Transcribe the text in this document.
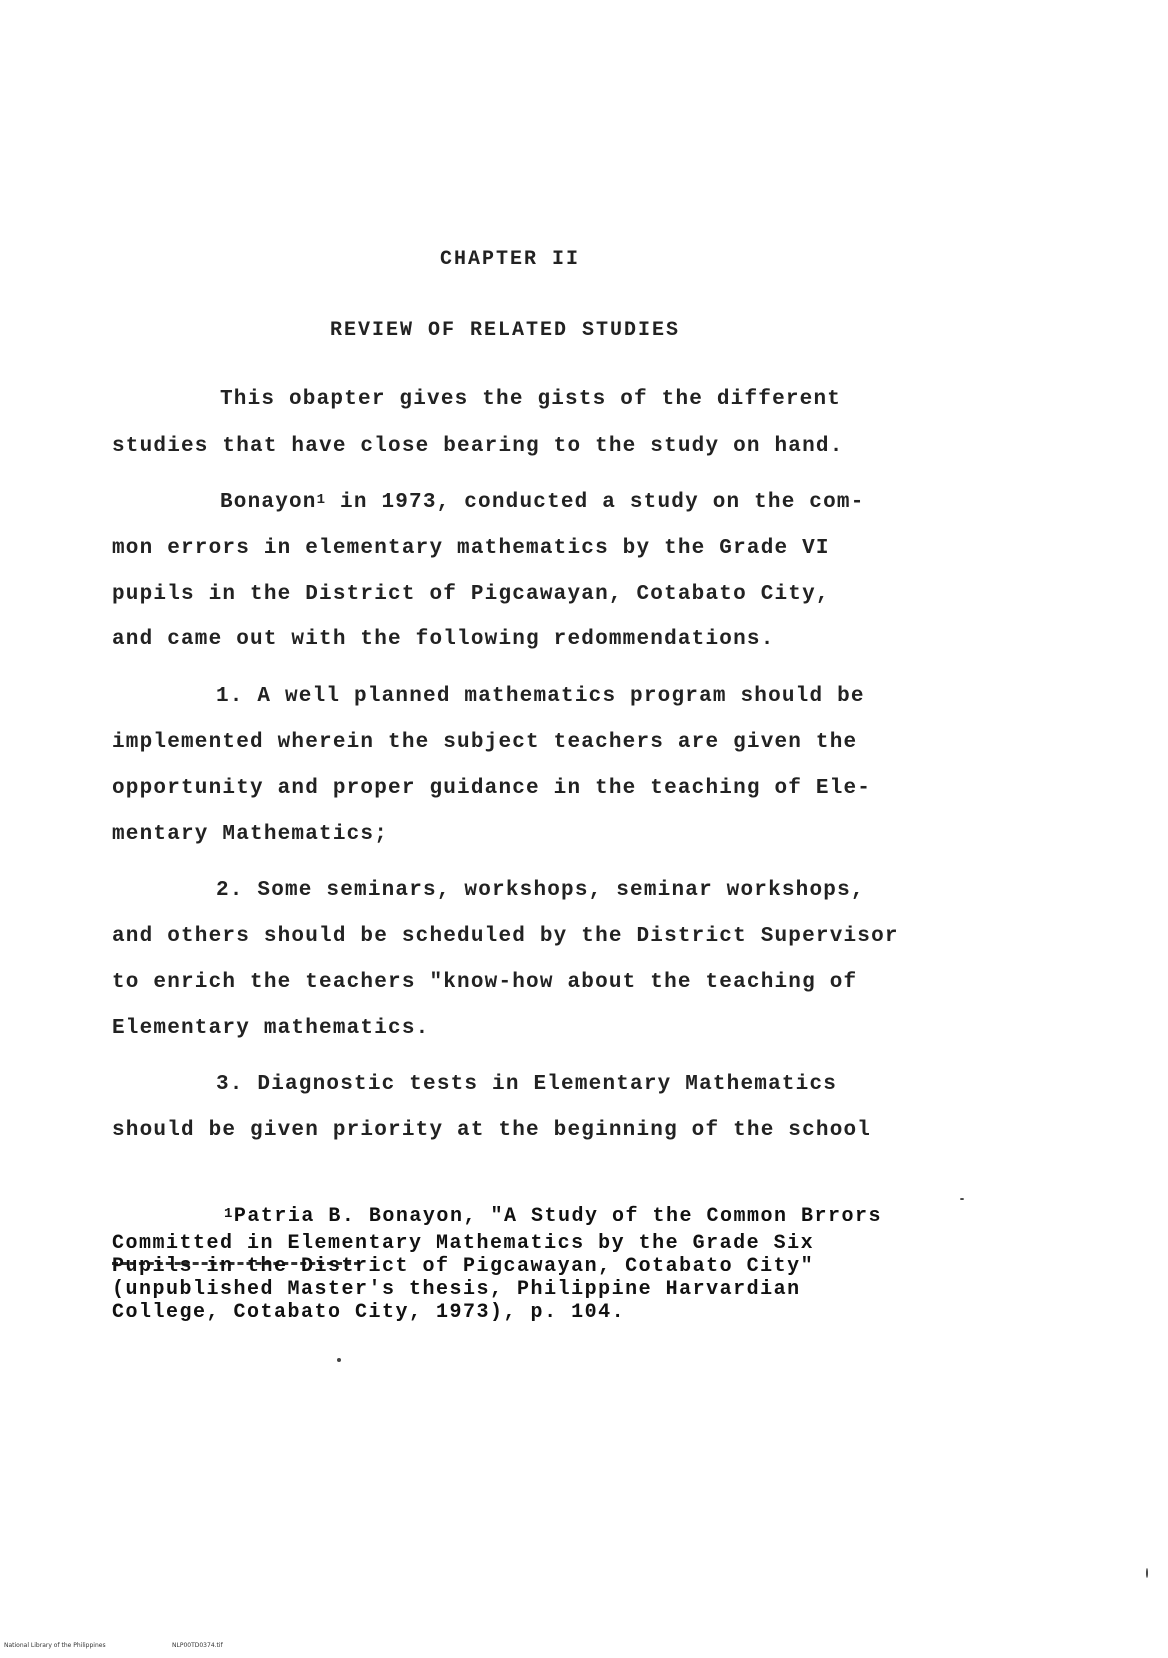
CHAPTER II
REVIEW OF RELATED STUDIES
This obapter gives the gists of the different
studies that have close bearing to the study on hand.
Bonayon$^1$ in 1973, conducted a study on the com-
mon errors in elementary mathematics by the Grade VI
pupils in the District of Pigcawayan, Cotabato City,
and came out with the following redommendations.
1. A well planned mathematics program should be
implemented wherein the subject teachers are given the
opportunity and proper guidance in the teaching of Ele-
mentary Mathematics;
2. Some seminars, workshops, seminar workshops,
and others should be scheduled by the District Supervisor
to enrich the teachers "know-how about the teaching of
Elementary mathematics.
3. Diagnostic tests in Elementary Mathematics
should be given priority at the beginning of the school
$^1$Patria B. Bonayon, "A Study of the Common Brrors
Committed in Elementary Mathematics by the Grade Six
Pupils in the District of Pigcawayan, Cotabato City"
(unpublished Master's thesis, Philippine Harvardian
College, Cotabato City, 1973), p. 104.
National Library of the Philippines	NLP00TD0374.tif
